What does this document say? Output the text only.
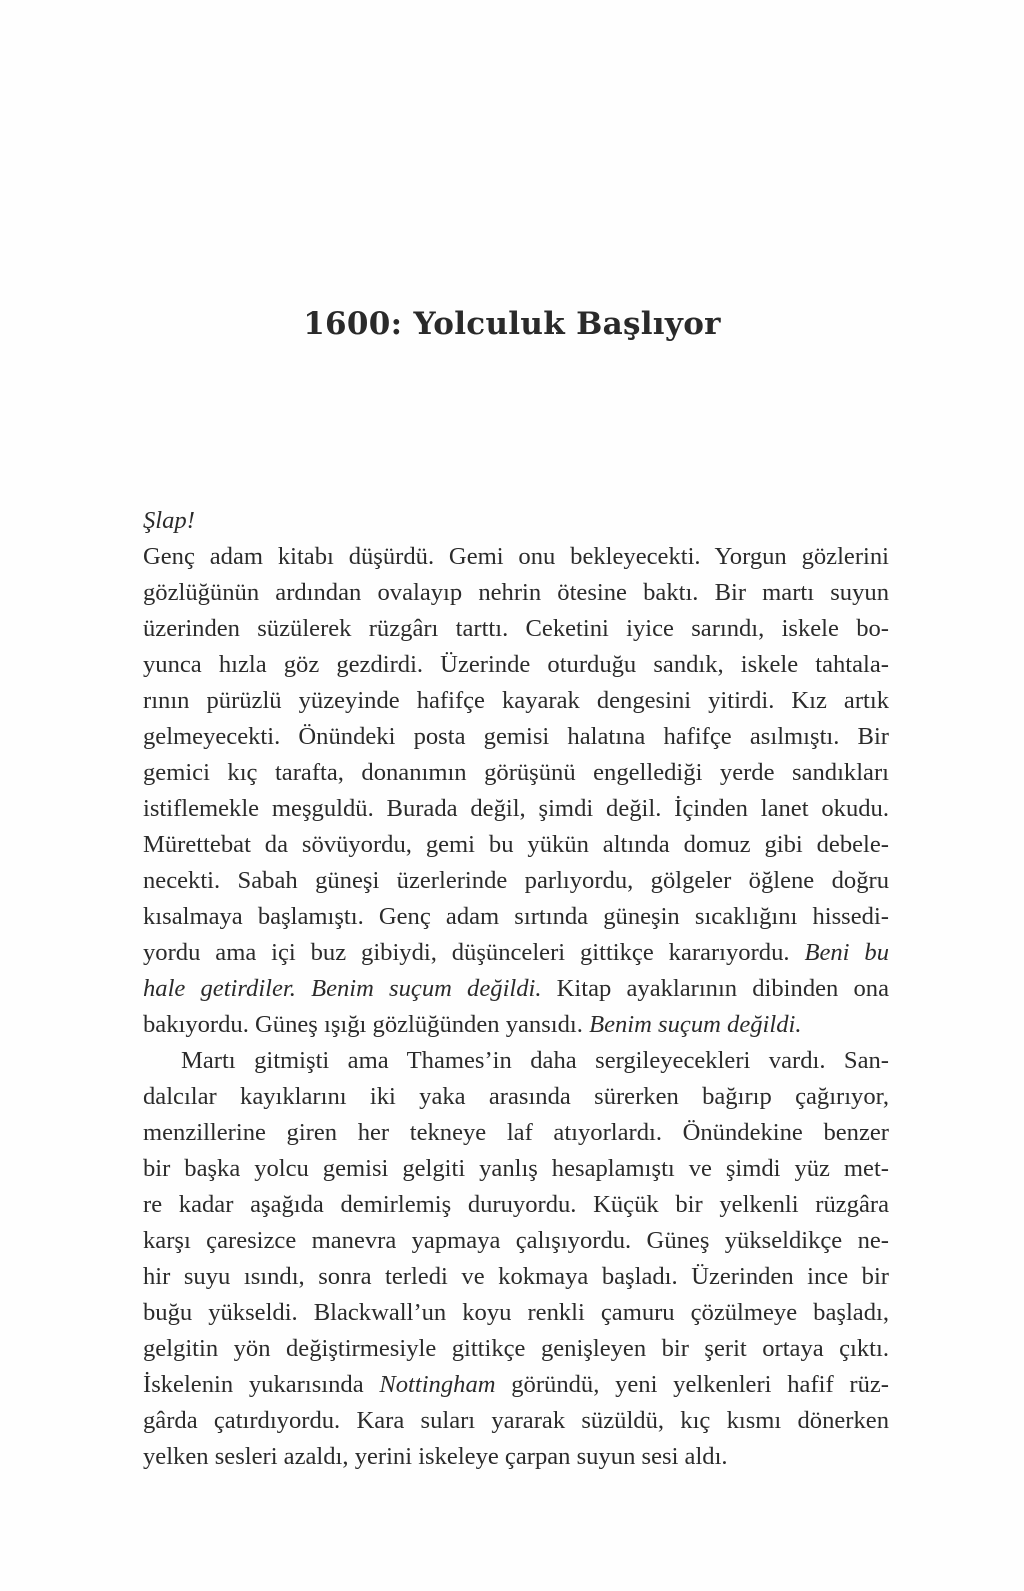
1600: Yolculuk Başlıyor
Şlap!
Genç adam kitabı düşürdü. Gemi onu bekleyecekti. Yorgun gözlerini
gözlüğünün ardından ovalayıp nehrin ötesine baktı. Bir martı suyun
üzerinden süzülerek rüzgârı tarttı. Ceketini iyice sarındı, iskele bo-
yunca hızla göz gezdirdi. Üzerinde oturduğu sandık, iskele tahtala-
rının pürüzlü yüzeyinde hafifçe kayarak dengesini yitirdi. Kız artık
gelmeyecekti. Önündeki posta gemisi halatına hafifçe asılmıştı. Bir
gemici kıç tarafta, donanımın görüşünü engellediği yerde sandıkları
istiflemekle meşguldü. Burada değil, şimdi değil. İçinden lanet okudu.
Mürettebat da sövüyordu, gemi bu yükün altında domuz gibi debele-
necekti. Sabah güneşi üzerlerinde parlıyordu, gölgeler öğlene doğru
kısalmaya başlamıştı. Genç adam sırtında güneşin sıcaklığını hissedi-
yordu ama içi buz gibiydi, düşünceleri gittikçe kararıyordu. Beni bu
hale getirdiler. Benim suçum değildi. Kitap ayaklarının dibinden ona
bakıyordu. Güneş ışığı gözlüğünden yansıdı. Benim suçum değildi.
Martı gitmişti ama Thames’in daha sergileyecekleri vardı. San-
dalcılar kayıklarını iki yaka arasında sürerken bağırıp çağırıyor,
menzillerine giren her tekneye laf atıyorlardı. Önündekine benzer
bir başka yolcu gemisi gelgiti yanlış hesaplamıştı ve şimdi yüz met-
re kadar aşağıda demirlemiş duruyordu. Küçük bir yelkenli rüzgâra
karşı çaresizce manevra yapmaya çalışıyordu. Güneş yükseldikçe ne-
hir suyu ısındı, sonra terledi ve kokmaya başladı. Üzerinden ince bir
buğu yükseldi. Blackwall’un koyu renkli çamuru çözülmeye başladı,
gelgitin yön değiştirmesiyle gittikçe genişleyen bir şerit ortaya çıktı.
İskelenin yukarısında Nottingham göründü, yeni yelkenleri hafif rüz-
gârda çatırdıyordu. Kara suları yararak süzüldü, kıç kısmı dönerken
yelken sesleri azaldı, yerini iskeleye çarpan suyun sesi aldı.
